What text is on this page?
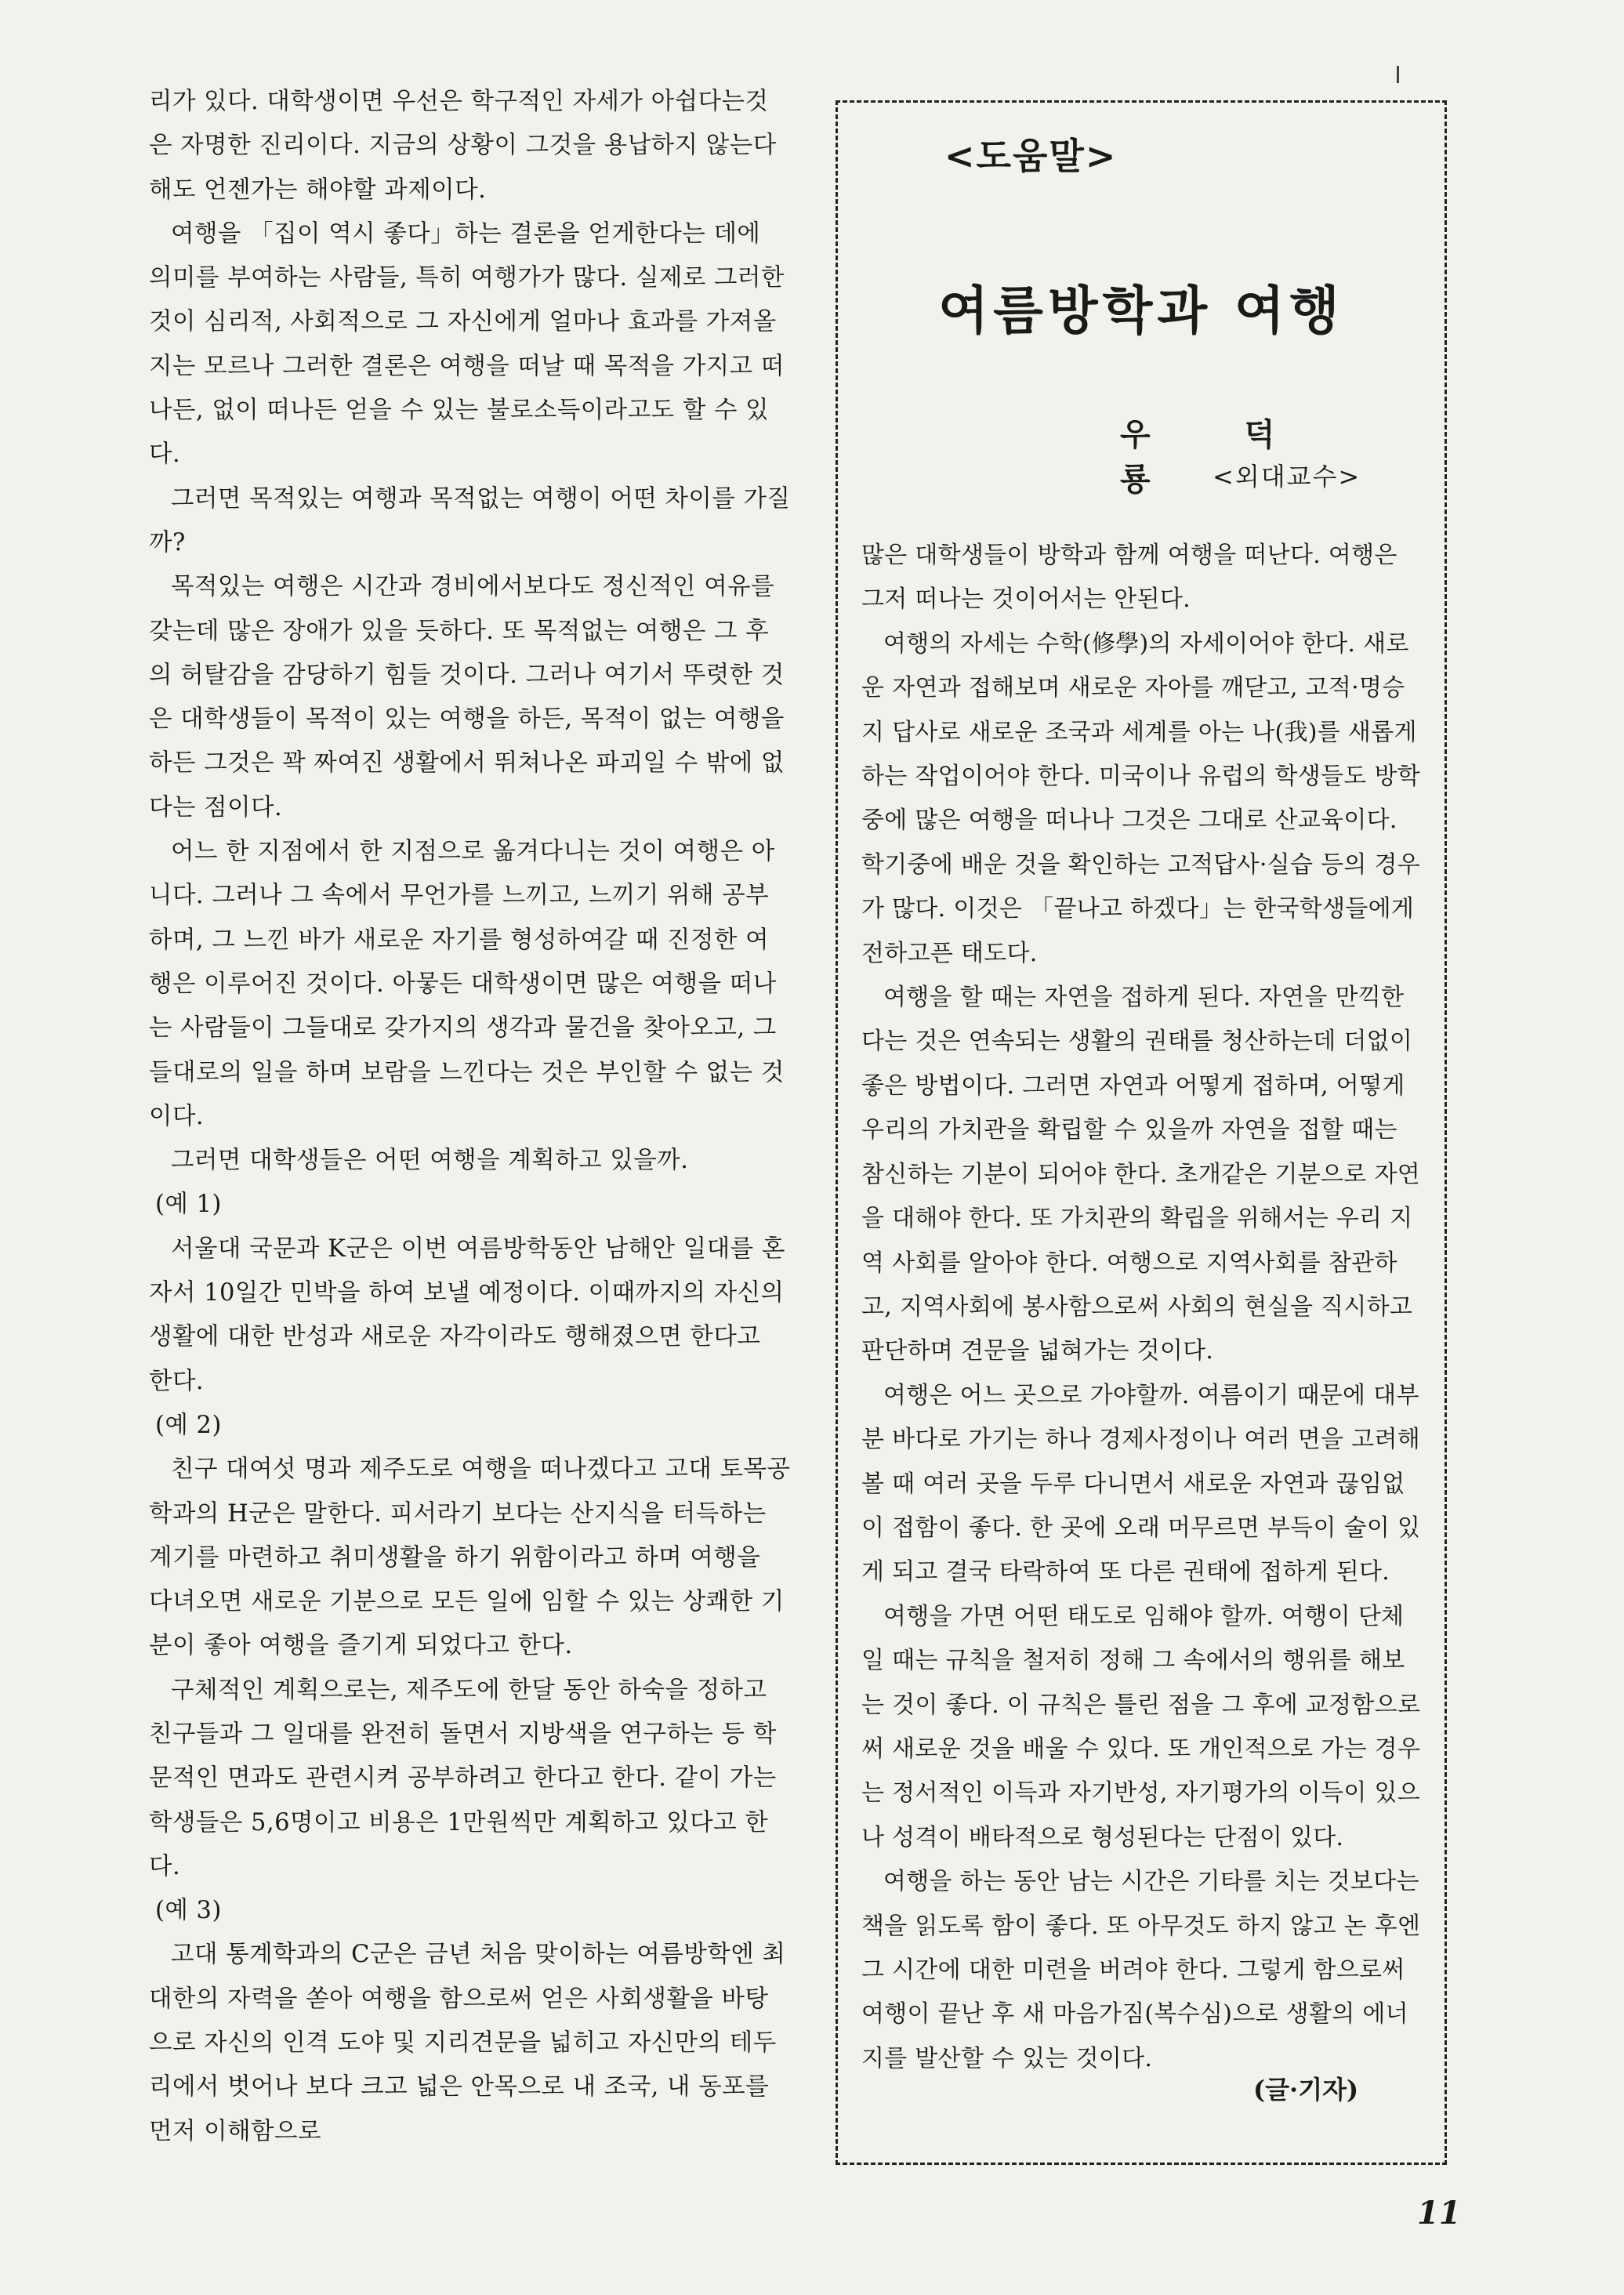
리가 있다. 대학생이면 우선은 학구적인 자세가 아쉽다는것은 자명한 진리이다. 지금의 상황이 그것을 용납하지 않는다 해도 언젠가는 해야할 과제이다.

여행을 「집이 역시 좋다」하는 결론을 얻게한다는 데에 의미를 부여하는 사람들, 특히 여행가가 많다. 실제로 그러한 것이 심리적, 사회적으로 그 자신에게 얼마나 효과를 가져올지는 모르나 그러한 결론은 여행을 떠날 때 목적을 가지고 떠나든, 없이 떠나든 얻을 수 있는 불로소득이라고도 할 수 있다.

그러면 목적있는 여행과 목적없는 여행이 어떤 차이를 가질까?

목적있는 여행은 시간과 경비에서보다도 정신적인 여유를 갖는데 많은 장애가 있을 듯하다. 또 목적없는 여행은 그 후의 허탈감을 감당하기 힘들 것이다. 그러나 여기서 뚜렷한 것은 대학생들이 목적이 있는 여행을 하든, 목적이 없는 여행을 하든 그것은 꽉 짜여진 생활에서 뛰쳐나온 파괴일 수 밖에 없다는 점이다.

어느 한 지점에서 한 지점으로 옮겨다니는 것이 여행은 아니다. 그러나 그 속에서 무언가를 느끼고, 느끼기 위해 공부하며, 그 느낀 바가 새로운 자기를 형성하여갈 때 진정한 여행은 이루어진 것이다. 아뭏든 대학생이면 많은 여행을 떠나는 사람들이 그들대로 갖가지의 생각과 물건을 찾아오고, 그들대로의 일을 하며 보람을 느낀다는 것은 부인할 수 없는 것이다.

그러면 대학생들은 어떤 여행을 계획하고 있을까.

(예 1)

서울대 국문과 K군은 이번 여름방학동안 남해안 일대를 혼자서 10일간 민박을 하여 보낼 예정이다. 이때까지의 자신의 생활에 대한 반성과 새로운 자각이라도 행해졌으면 한다고 한다.

(예 2)

친구 대여섯 명과 제주도로 여행을 떠나겠다고 고대 토목공학과의 H군은 말한다. 피서라기 보다는 산지식을 터득하는 계기를 마련하고 취미생활을 하기 위함이라고 하며 여행을 다녀오면 새로운 기분으로 모든 일에 임할 수 있는 상쾌한 기분이 좋아 여행을 즐기게 되었다고 한다.

구체적인 계획으로는, 제주도에 한달 동안 하숙을 정하고 친구들과 그 일대를 완전히 돌면서 지방색을 연구하는 등 학문적인 면과도 관련시켜 공부하려고 한다고 한다. 같이 가는 학생들은 5,6명이고 비용은 1만원씩만 계획하고 있다고 한다.

(예 3)

고대 통계학과의 C군은 금년 처음 맞이하는 여름방학엔 최대한의 자력을 쏟아 여행을 함으로써 얻은 사회생활을 바탕으로 자신의 인격 도야 및 지리견문을 넓히고 자신만의 테두리에서 벗어나 보다 크고 넓은 안목으로 내 조국, 내 동포를 먼저 이해함으로

<도움말>
여름방학과 여행
우덕룡
<외대교수>

많은 대학생들이 방학과 함께 여행을 떠난다. 여행은 그저 떠나는 것이어서는 안된다.

여행의 자세는 수학(修學)의 자세이어야 한다. 새로운 자연과 접해보며 새로운 자아를 깨닫고, 고적·명승지 답사로 새로운 조국과 세계를 아는 나(我)를 새롭게 하는 작업이어야 한다. 미국이나 유럽의 학생들도 방학중에 많은 여행을 떠나나 그것은 그대로 산교육이다. 학기중에 배운 것을 확인하는 고적답사·실습 등의 경우가 많다. 이것은 「끝나고 하겠다」는 한국학생들에게 전하고픈 태도다.

여행을 할 때는 자연을 접하게 된다. 자연을 만끽한다는 것은 연속되는 생활의 권태를 청산하는데 더없이 좋은 방법이다. 그러면 자연과 어떻게 접하며, 어떻게 우리의 가치관을 확립할 수 있을까 자연을 접할 때는 참신하는 기분이 되어야 한다. 초개같은 기분으로 자연을 대해야 한다. 또 가치관의 확립을 위해서는 우리 지역 사회를 알아야 한다. 여행으로 지역사회를 참관하고, 지역사회에 봉사함으로써 사회의 현실을 직시하고 판단하며 견문을 넓혀가는 것이다.

여행은 어느 곳으로 가야할까. 여름이기 때문에 대부분 바다로 가기는 하나 경제사정이나 여러 면을 고려해볼 때 여러 곳을 두루 다니면서 새로운 자연과 끊임없이 접함이 좋다. 한 곳에 오래 머무르면 부득이 술이 있게 되고 결국 타락하여 또 다른 권태에 접하게 된다.

여행을 가면 어떤 태도로 임해야 할까. 여행이 단체일 때는 규칙을 철저히 정해 그 속에서의 행위를 해보는 것이 좋다. 이 규칙은 틀린 점을 그 후에 교정함으로써 새로운 것을 배울 수 있다. 또 개인적으로 가는 경우는 정서적인 이득과 자기반성, 자기평가의 이득이 있으나 성격이 배타적으로 형성된다는 단점이 있다.

여행을 하는 동안 남는 시간은 기타를 치는 것보다는 책을 읽도록 함이 좋다. 또 아무것도 하지 않고 논 후엔 그 시간에 대한 미련을 버려야 한다. 그렇게 함으로써 여행이 끝난 후 새 마음가짐(복수심)으로 생활의 에너지를 발산할 수 있는 것이다.

(글·기자)
11
